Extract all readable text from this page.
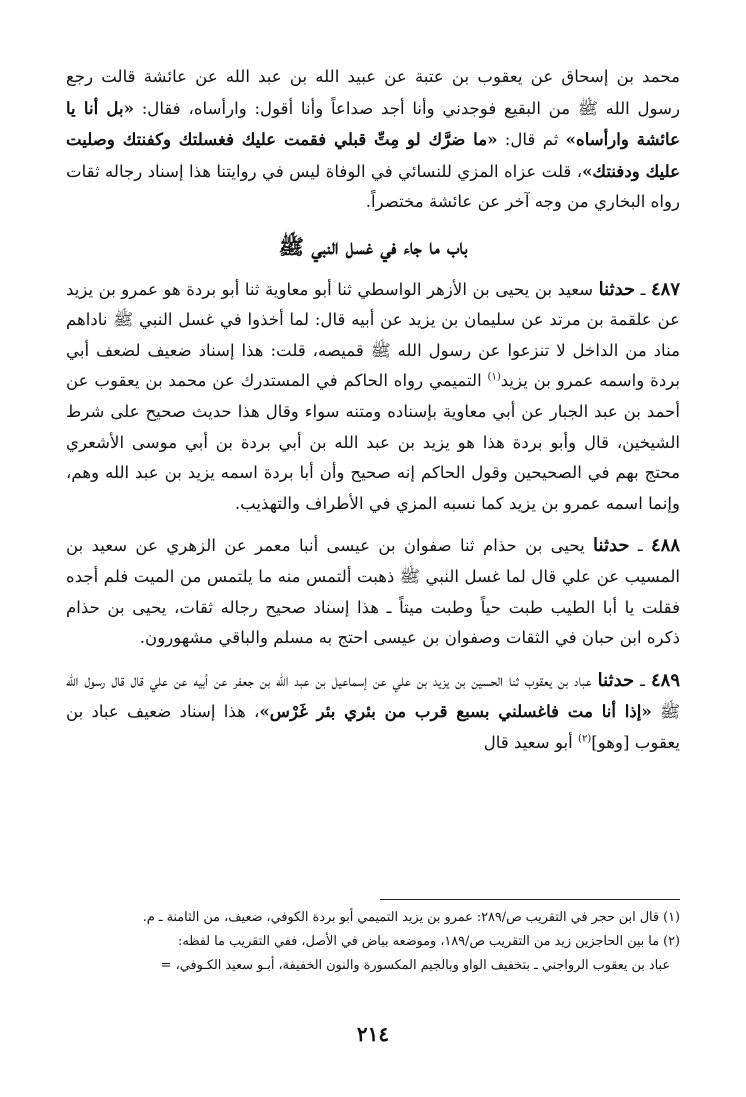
محمد بن إسحاق عن يعقوب بن عتبة عن عبيد الله بن عبد الله عن عائشة قالت رجع رسول الله ﷺ من البقيع فوجدني وأنا أجد صداعاً وأنا أقول: وارأساه، فقال: «بل أنا يا عائشة وارأساه» ثم قال: «ما ضرَّك لو مِتِّ قبلي فقمت عليك فغسلتك وكفنتك وصليت عليك ودفنتك»، قلت عزاه المزي للنسائي في الوفاة ليس في روايتنا هذا إسناد رجاله ثقات رواه البخاري من وجه آخر عن عائشة مختصراً.

باب ما جاء في غسل النبي ﷺ

٤٨٧ ـ حدثنا سعيد بن يحيى بن الأزهر الواسطي ثنا أبو معاوية ثنا أبو بردة هو عمرو بن يزيد عن علقمة بن مرتد عن سليمان بن يزيد عن أبيه قال: لما أخذوا في غسل النبي ﷺ ناداهم مناد من الداخل لا تنزعوا عن رسول الله ﷺ قميصه، قلت: هذا إسناد ضعيف لضعف أبي بردة واسمه عمرو بن يزيد$^{(١)}$ التميمي رواه الحاكم في المستدرك عن محمد بن يعقوب عن أحمد بن عبد الجبار عن أبي معاوية بإسناده ومتنه سواء وقال هذا حديث صحيح على شرط الشيخين، قال وأبو بردة هذا هو يزيد بن عبد الله بن أبي بردة بن أبي موسى الأشعري محتج بهم في الصحيحين وقول الحاكم إنه صحيح وأن أبا بردة اسمه يزيد بن عبد الله وهم، وإنما اسمه عمرو بن يزيد كما نسبه المزي في الأطراف والتهذيب.

٤٨٨ ـ حدثنا يحيى بن حذام ثنا صفوان بن عيسى أنبا معمر عن الزهري عن سعيد بن المسيب عن علي قال لما غسل النبي ﷺ ذهبت ألتمس منه ما يلتمس من الميت فلم أجده فقلت يا أبا الطيب طبت حياً وطبت ميتاً ـ هذا إسناد صحيح رجاله ثقات، يحيى بن حذام ذكره ابن حبان في الثقات وصفوان بن عيسى احتج به مسلم والباقي مشهورون.

٤٨٩ ـ حدثنا عباد بن يعقوب ثنا الحسين بن يزيد بن علي عن إسماعيل بن عبد الله بن جعفر عن أبيه عن علي قال قال رسول الله ﷺ «إذا أنا مت فاغسلني بسبع قرب من بئري بئر غَرْس»، هذا إسناد ضعيف عباد بن يعقوب [وهو]$^{(٢)}$ أبو سعيد قال

(١) قال ابن حجر في التقريب ص/٢٨٩: عمرو بن يزيد التميمي أبو بردة الكوفي، ضعيف، من الثامنة ـ م.

(٢) ما بين الحاجزين زيد من التقريب ص/١٨٩، وموضعه بياض في الأصل، ففي التقريب ما لفظه:

عباد بن يعقوب الرواجني ـ بتخفيف الواو وبالجيم المكسورة والنون الخفيفة، أبـو سعيد الكـوفي، =

٢١٤
